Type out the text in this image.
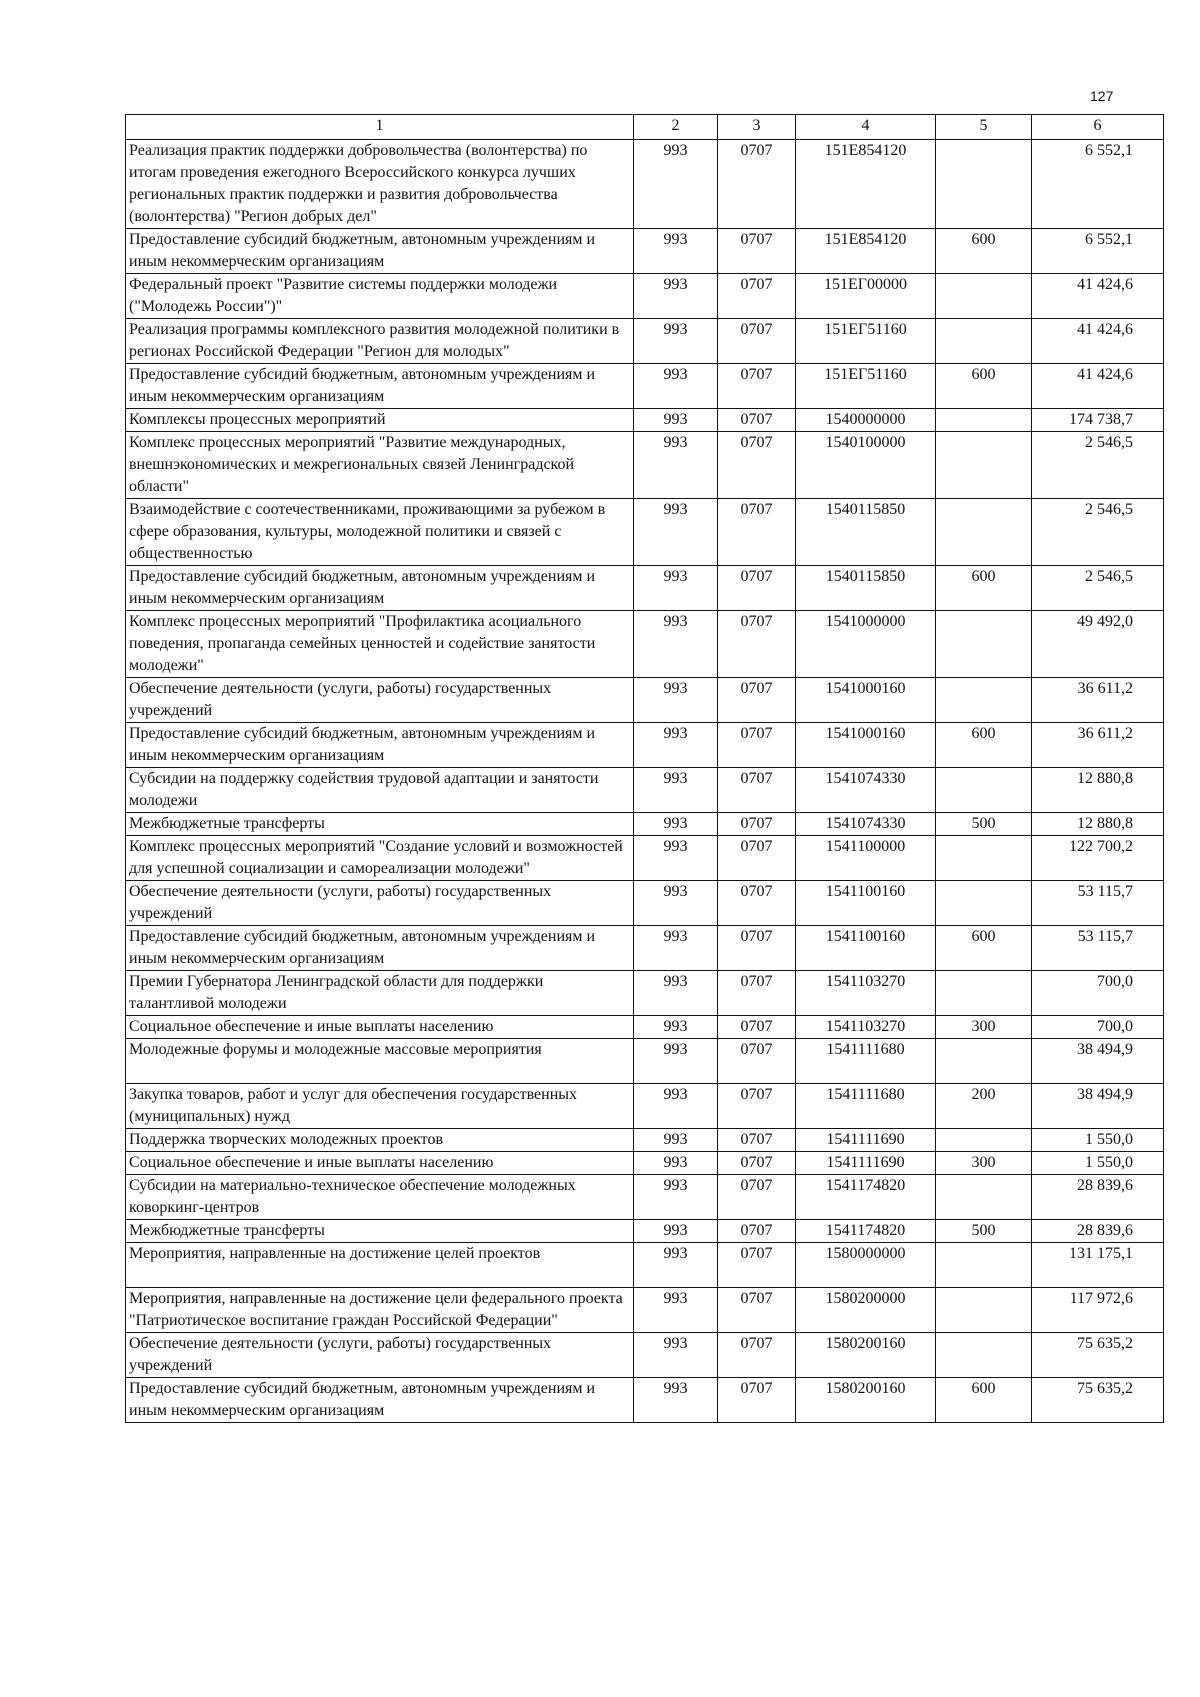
127
1	2	3	4	5	6
Реализация практик поддержки добровольчества (волонтерства) по итогам проведения ежегодного Всероссийского конкурса лучших региональных практик поддержки и развития добровольчества (волонтерства) "Регион добрых дел"	993	0707	151E854120		6 552,1
Предоставление субсидий бюджетным, автономным учреждениям и иным некоммерческим организациям	993	0707	151E854120	600	6 552,1
Федеральный проект "Развитие системы поддержки молодежи ("Молодежь России")"	993	0707	151ЕГ00000		41 424,6
Реализация программы комплексного развития молодежной политики в регионах Российской Федерации "Регион для молодых"	993	0707	151ЕГ51160		41 424,6
Предоставление субсидий бюджетным, автономным учреждениям и иным некоммерческим организациям	993	0707	151ЕГ51160	600	41 424,6
Комплексы процессных мероприятий	993	0707	1540000000		174 738,7
Комплекс процессных мероприятий "Развитие международных, внешнэкономических и межрегиональных связей Ленинградской области"	993	0707	1540100000		2 546,5
Взаимодействие с соотечественниками, проживающими за рубежом в сфере образования, культуры, молодежной политики и связей с общественностью	993	0707	1540115850		2 546,5
Предоставление субсидий бюджетным, автономным учреждениям и иным некоммерческим организациям	993	0707	1540115850	600	2 546,5
Комплекс процессных мероприятий "Профилактика асоциального поведения, пропаганда семейных ценностей и содействие занятости молодежи"	993	0707	1541000000		49 492,0
Обеспечение деятельности (услуги, работы) государственных учреждений	993	0707	1541000160		36 611,2
Предоставление субсидий бюджетным, автономным учреждениям и иным некоммерческим организациям	993	0707	1541000160	600	36 611,2
Субсидии на поддержку содействия трудовой адаптации и занятости молодежи	993	0707	1541074330		12 880,8
Межбюджетные трансферты	993	0707	1541074330	500	12 880,8
Комплекс процессных мероприятий "Создание условий и возможностей для успешной социализации и самореализации молодежи"	993	0707	1541100000		122 700,2
Обеспечение деятельности (услуги, работы) государственных учреждений	993	0707	1541100160		53 115,7
Предоставление субсидий бюджетным, автономным учреждениям и иным некоммерческим организациям	993	0707	1541100160	600	53 115,7
Премии Губернатора Ленинградской области для поддержки талантливой молодежи	993	0707	1541103270		700,0
Социальное обеспечение и иные выплаты населению	993	0707	1541103270	300	700,0
Молодежные форумы и молодежные массовые мероприятия	993	0707	1541111680		38 494,9
Закупка товаров, работ и услуг для обеспечения государственных (муниципальных) нужд	993	0707	1541111680	200	38 494,9
Поддержка творческих молодежных проектов	993	0707	1541111690		1 550,0
Социальное обеспечение и иные выплаты населению	993	0707	1541111690	300	1 550,0
Субсидии на материально-техническое обеспечение молодежных коворкинг-центров	993	0707	1541174820		28 839,6
Межбюджетные трансферты	993	0707	1541174820	500	28 839,6
Мероприятия, направленные на достижение целей проектов	993	0707	1580000000		131 175,1
Мероприятия, направленные на достижение цели федерального проекта "Патриотическое воспитание граждан Российской Федерации"	993	0707	1580200000		117 972,6
Обеспечение деятельности (услуги, работы) государственных учреждений	993	0707	1580200160		75 635,2
Предоставление субсидий бюджетным, автономным учреждениям и иным некоммерческим организациям	993	0707	1580200160	600	75 635,2
